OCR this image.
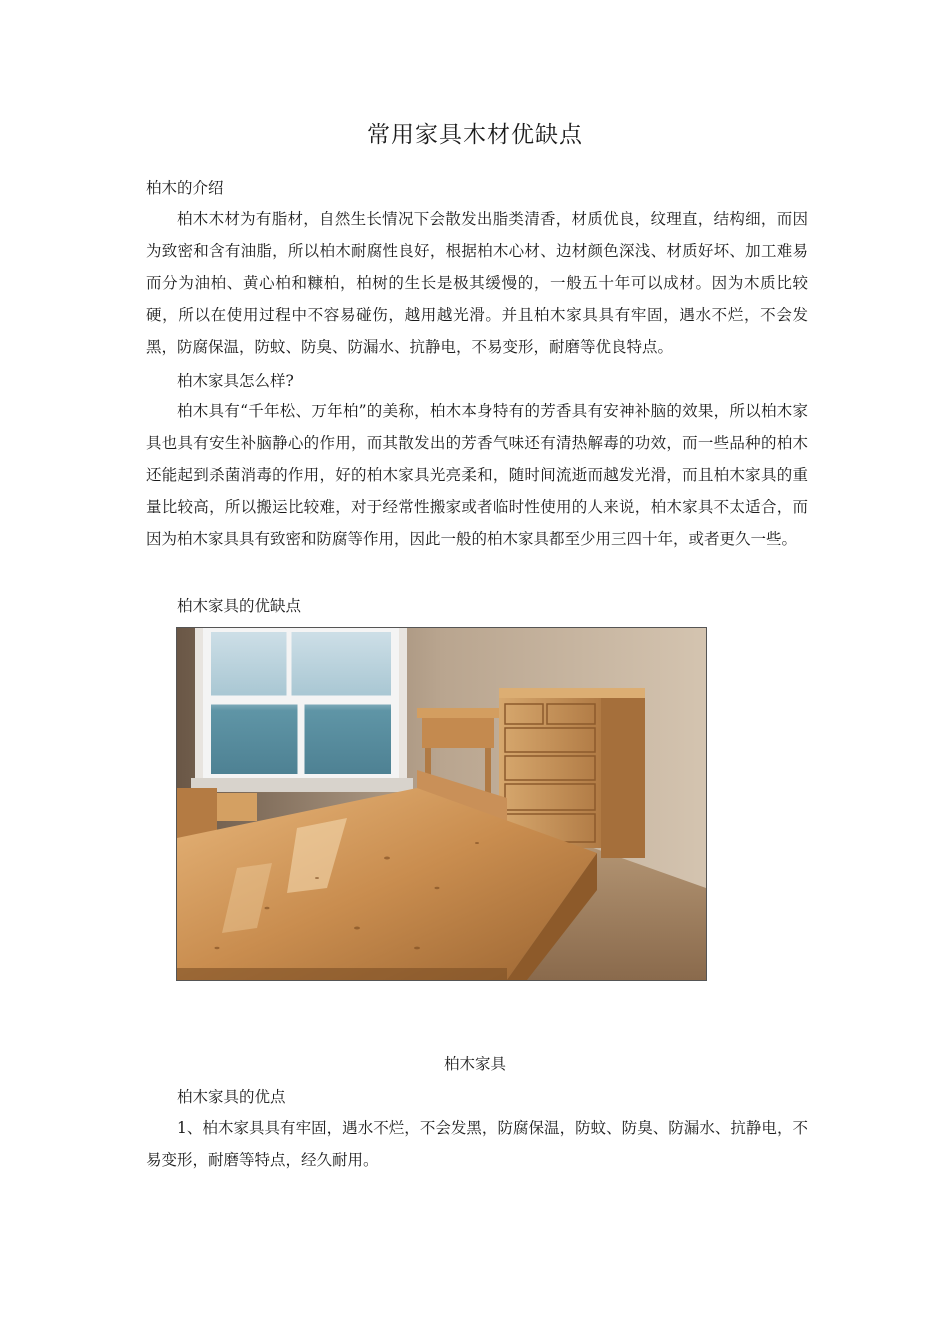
常用家具木材优缺点
柏木的介绍

柏木木材为有脂材，自然生长情况下会散发出脂类清香，材质优良，纹理直，结构细，而因为致密和含有油脂，所以柏木耐腐性良好，根据柏木心材、边材颜色深浅、材质好坏、加工难易而分为油柏、黄心柏和糠柏，柏树的生长是极其缓慢的，一般五十年可以成材。因为木质比较硬，所以在使用过程中不容易碰伤，越用越光滑。并且柏木家具具有牢固，遇水不烂，不会发黑，防腐保温，防蚊、防臭、防漏水、抗静电，不易变形，耐磨等优良特点。

柏木家具怎么样?

柏木具有“千年松、万年柏”的美称，柏木本身特有的芳香具有安神补脑的效果，所以柏木家具也具有安生补脑静心的作用，而其散发出的芳香气味还有清热解毒的功效，而一些品种的柏木还能起到杀菌消毒的作用，好的柏木家具光亮柔和，随时间流逝而越发光滑，而且柏木家具的重量比较高，所以搬运比较难，对于经常性搬家或者临时性使用的人来说，柏木家具不太适合，而因为柏木家具具有致密和防腐等作用，因此一般的柏木家具都至少用三四十年，或者更久一些。

柏木家具的优缺点
柏木家具
柏木家具的优点

1、柏木家具具有牢固，遇水不烂，不会发黑，防腐保温，防蚊、防臭、防漏水、抗静电，不易变形，耐磨等特点，经久耐用。
